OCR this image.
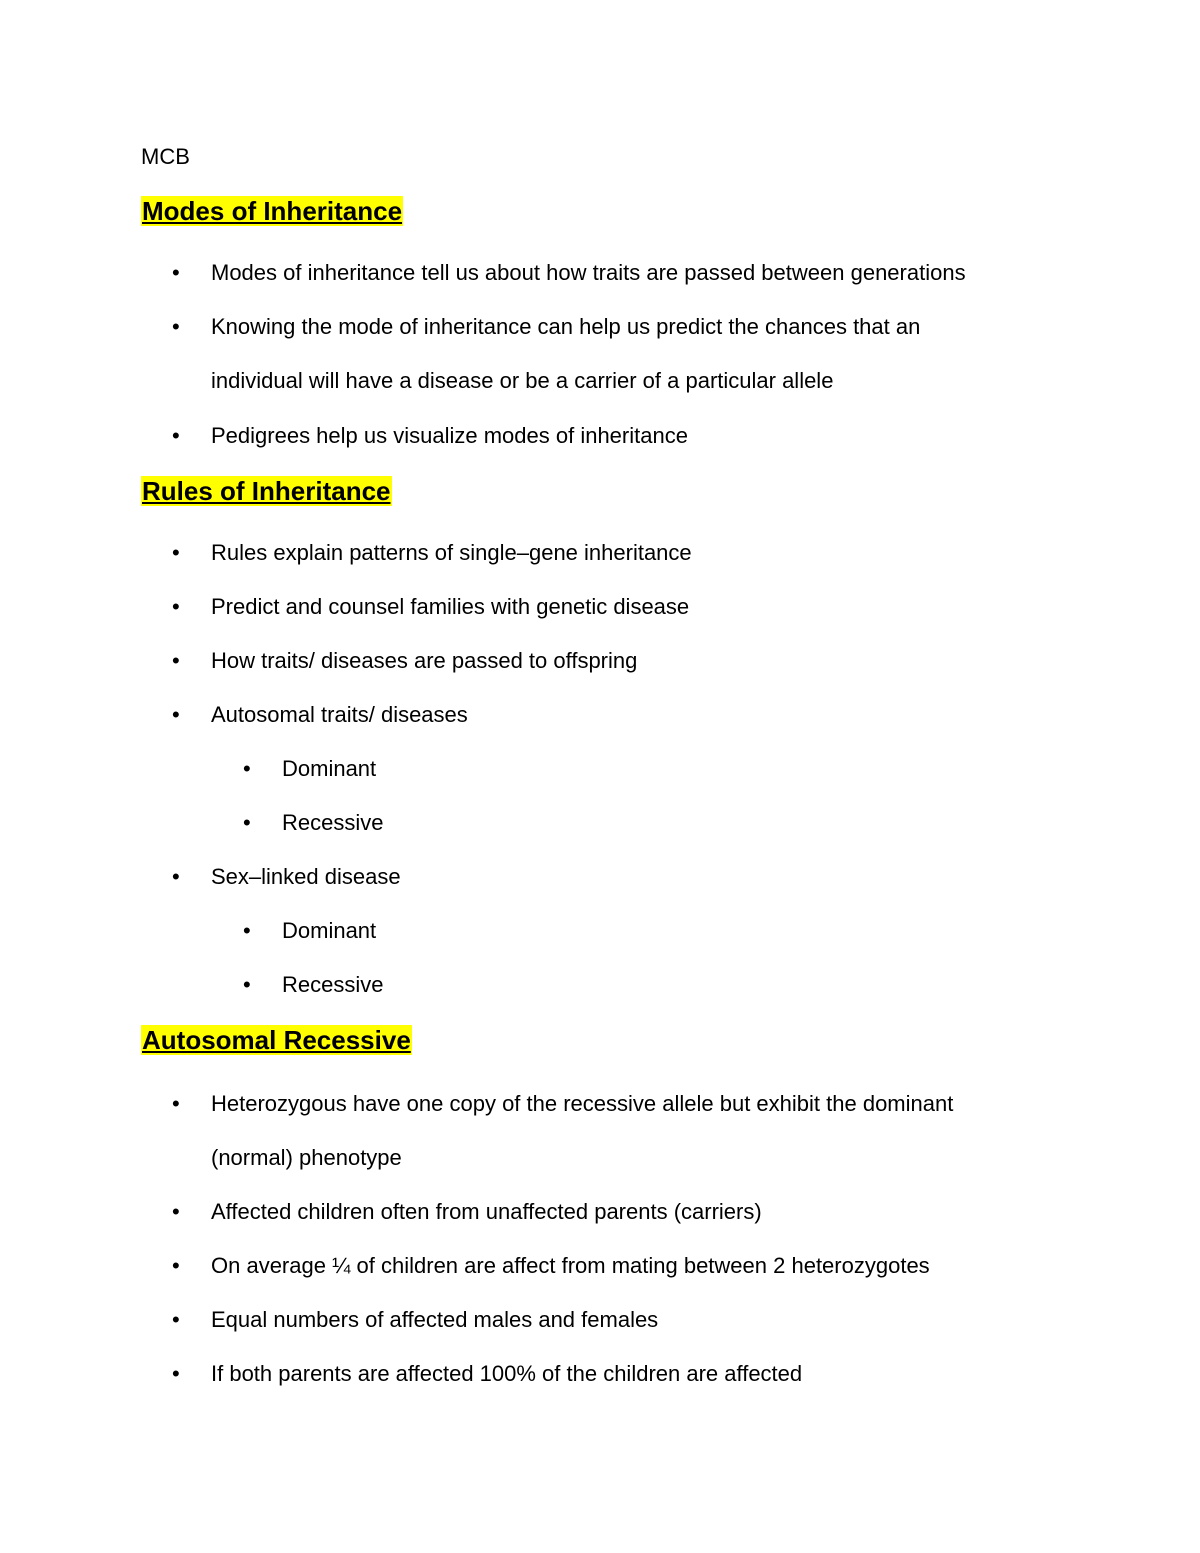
MCB
Modes of Inheritance
• Modes of inheritance tell us about how traits are passed between generations
• Knowing the mode of inheritance can help us predict the chances that an
individual will have a disease or be a carrier of a particular allele
• Pedigrees help us visualize modes of inheritance
Rules of Inheritance
• Rules explain patterns of single–gene inheritance
• Predict and counsel families with genetic disease
• How traits/ diseases are passed to offspring
• Autosomal traits/ diseases
• Dominant
• Recessive
• Sex–linked disease
• Dominant
• Recessive
Autosomal Recessive
• Heterozygous have one copy of the recessive allele but exhibit the dominant
(normal) phenotype
• Affected children often from unaffected parents (carriers)
• On average ¼ of children are affect from mating between 2 heterozygotes
• Equal numbers of affected males and females
• If both parents are affected 100% of the children are affected
